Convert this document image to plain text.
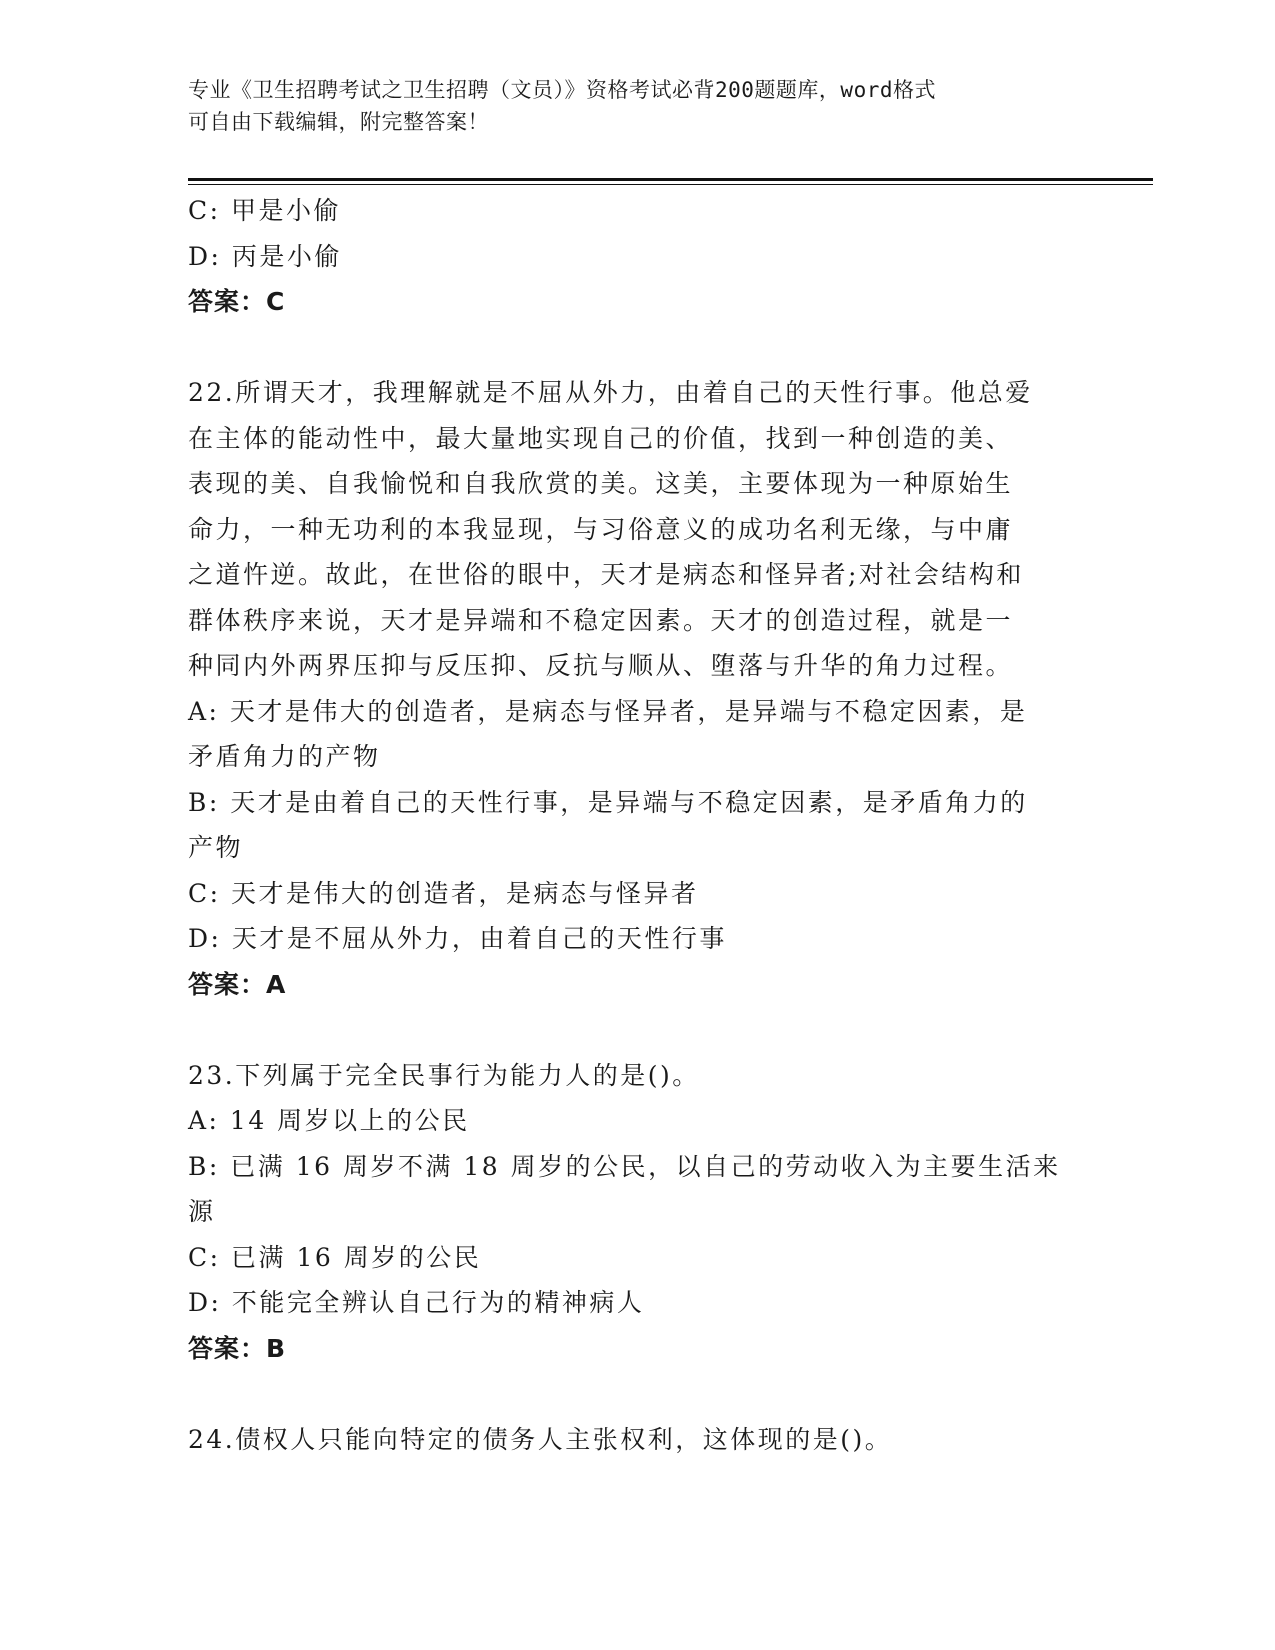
专业《卫生招聘考试之卫生招聘（文员）》资格考试必背200题题库，word格式
可自由下载编辑，附完整答案！
C: 甲是小偷
D: 丙是小偷
答案：C
22.所谓天才，我理解就是不屈从外力，由着自己的天性行事。他总爱
在主体的能动性中，最大量地实现自己的价值，找到一种创造的美、
表现的美、自我愉悦和自我欣赏的美。这美，主要体现为一种原始生
命力，一种无功利的本我显现，与习俗意义的成功名利无缘，与中庸
之道忤逆。故此，在世俗的眼中，天才是病态和怪异者;对社会结构和
群体秩序来说，天才是异端和不稳定因素。天才的创造过程，就是一
种同内外两界压抑与反压抑、反抗与顺从、堕落与升华的角力过程。
A: 天才是伟大的创造者，是病态与怪异者，是异端与不稳定因素，是
矛盾角力的产物
B: 天才是由着自己的天性行事，是异端与不稳定因素，是矛盾角力的
产物
C: 天才是伟大的创造者，是病态与怪异者
D: 天才是不屈从外力，由着自己的天性行事
答案：A
23.下列属于完全民事行为能力人的是()。
A: 14 周岁以上的公民
B: 已满 16 周岁不满 18 周岁的公民，以自己的劳动收入为主要生活来
源
C: 已满 16 周岁的公民
D: 不能完全辨认自己行为的精神病人
答案：B
24.债权人只能向特定的债务人主张权利，这体现的是()。
